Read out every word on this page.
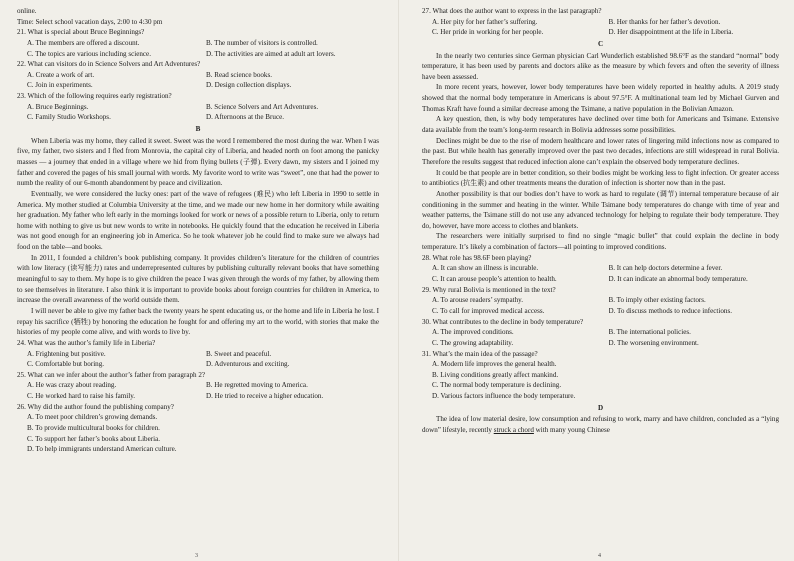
online.
Time: Select school vacation days, 2:00 to 4:30 pm
21. What is special about Bruce Beginnings?
A. The members are offered a discount.	B. The number of visitors is controlled.
C. The topics are various including science.	D. The activities are aimed at adult art lovers.
22. What can visitors do in Science Solvers and Art Adventures?
A. Create a work of art.	B. Read science books.
C. Join in experiments.	D. Design collection displays.
23. Which of the following requires early registration?
A. Bruce Beginnings.	B. Science Solvers and Art Adventures.
C. Family Studio Workshops.	D. Afternoons at the Bruce.
B

When Liberia was my home, they called it sweet. Sweet was the word I remembered the most during the war. When I was five, my father, two sisters and I fled from Monrovia, the capital city of Liberia, and headed north on foot among the panicky masses — a journey that ended in a village where we hid from flying bullets (子弹). Every dawn, my sisters and I joined my father and covered the pages of his small journal with words. My favorite word to write was “sweet”, one that had the power to numb the reality of our 6-month abandonment by peace and civilization.

Eventually, we were considered the lucky ones: part of the wave of refugees (难民) who left Liberia in 1990 to settle in America. My mother studied at Columbia University at the time, and we made our new home in her dormitory while awaiting her graduation. My father who left early in the mornings looked for work or news of a possible return to Liberia, only to return home with nothing to give us but new words to write in notebooks. He quickly found that the education he received in Liberia was not good enough for an engineering job in America. So he took whatever job he could find to make sure we always had food on the table—and books.

In 2011, I founded a children’s book publishing company. It provides children’s literature for the children of countries with low literacy (读写能力) rates and underrepresented cultures by publishing culturally relevant books that have something meaningful to say to them. My hope is to give children the peace I was given through the words of my father, by allowing them to see themselves in literature. I also think it is important to provide books about foreign countries for children in America, to increase the overall awareness of the world outside them.

I will never be able to give my father back the twenty years he spent educating us, or the home and life in Liberia he lost. I repay his sacrifice (牺牲) by honoring the education he fought for and offering my art to the world, with stories that make the histories of my people come alive, and with words to live by.

24. What was the author’s family life in Liberia?
A. Frightening but positive.	B. Sweet and peaceful.
C. Comfortable but boring.	D. Adventurous and exciting.
25. What can we infer about the author’s father from paragraph 2?
A. He was crazy about reading.	B. He regretted moving to America.
C. He worked hard to raise his family.	D. He tried to receive a higher education.
26. Why did the author found the publishing company?
A. To meet poor children’s growing demands.
B. To provide multicultural books for children.
C. To support her father’s books about Liberia.
D. To help immigrants understand American culture.
3
27. What does the author want to express in the last paragraph?
A. Her pity for her father’s suffering.	B. Her thanks for her father’s devotion.
C. Her pride in working for her people.	D. Her disappointment at the life in Liberia.
C

In the nearly two centuries since German physician Carl Wunderlich established 98.6°F as the standard “normal” body temperature, it has been used by parents and doctors alike as the measure by which fevers and often the severity of illness have been assessed.

In more recent years, however, lower body temperatures have been widely reported in healthy adults. A 2019 study showed that the normal body temperature in Americans is about 97.5°F. A multinational team led by Michael Gurven and Thomas Kraft have found a similar decrease among the Tsimane, a native population in the Bolivian Amazon.

A key question, then, is why body temperatures have declined over time both for Americans and Tsimane. Extensive data available from the team’s long-term research in Bolivia addresses some possibilities.

Declines might be due to the rise of modern healthcare and lower rates of lingering mild infections now as compared to the past. But while health has generally improved over the past two decades, infections are still widespread in rural Bolivia. Therefore the results suggest that reduced infection alone can’t explain the observed body temperature declines.

It could be that people are in better condition, so their bodies might be working less to fight infection. Or greater access to antibiotics (抗生素) and other treatments means the duration of infection is shorter now than in the past.

Another possibility is that our bodies don’t have to work as hard to regulate (调节) internal temperature because of air conditioning in the summer and heating in the winter. While Tsimane body temperatures do change with time of year and weather patterns, the Tsimane still do not use any advanced technology for helping to regulate their body temperature. They do, however, have more access to clothes and blankets.

The researchers were initially surprised to find no single “magic bullet” that could explain the decline in body temperature. It’s likely a combination of factors—all pointing to improved conditions.

28. What role has 98.6F been playing?
A. It can show an illness is incurable.	B. It can help doctors determine a fever.
C. It can arouse people’s attention to health.	D. It can indicate an abnormal body temperature.
29. Why rural Bolivia is mentioned in the text?
A. To arouse readers’ sympathy.	B. To imply other existing factors.
C. To call for improved medical access.	D. To discuss methods to reduce infections.
30. What contributes to the decline in body temperature?
A. The improved conditions.	B. The international policies.
C. The growing adaptability.	D. The worsening environment.
31. What’s the main idea of the passage?
A. Modern life improves the general health.
B. Living conditions greatly affect mankind.
C. The normal body temperature is declining.
D. Various factors influence the body temperature.
D

The idea of low material desire, low consumption and refusing to work, marry and have children, concluded as a “lying down” lifestyle, recently struck a chord with many young Chinese

4
